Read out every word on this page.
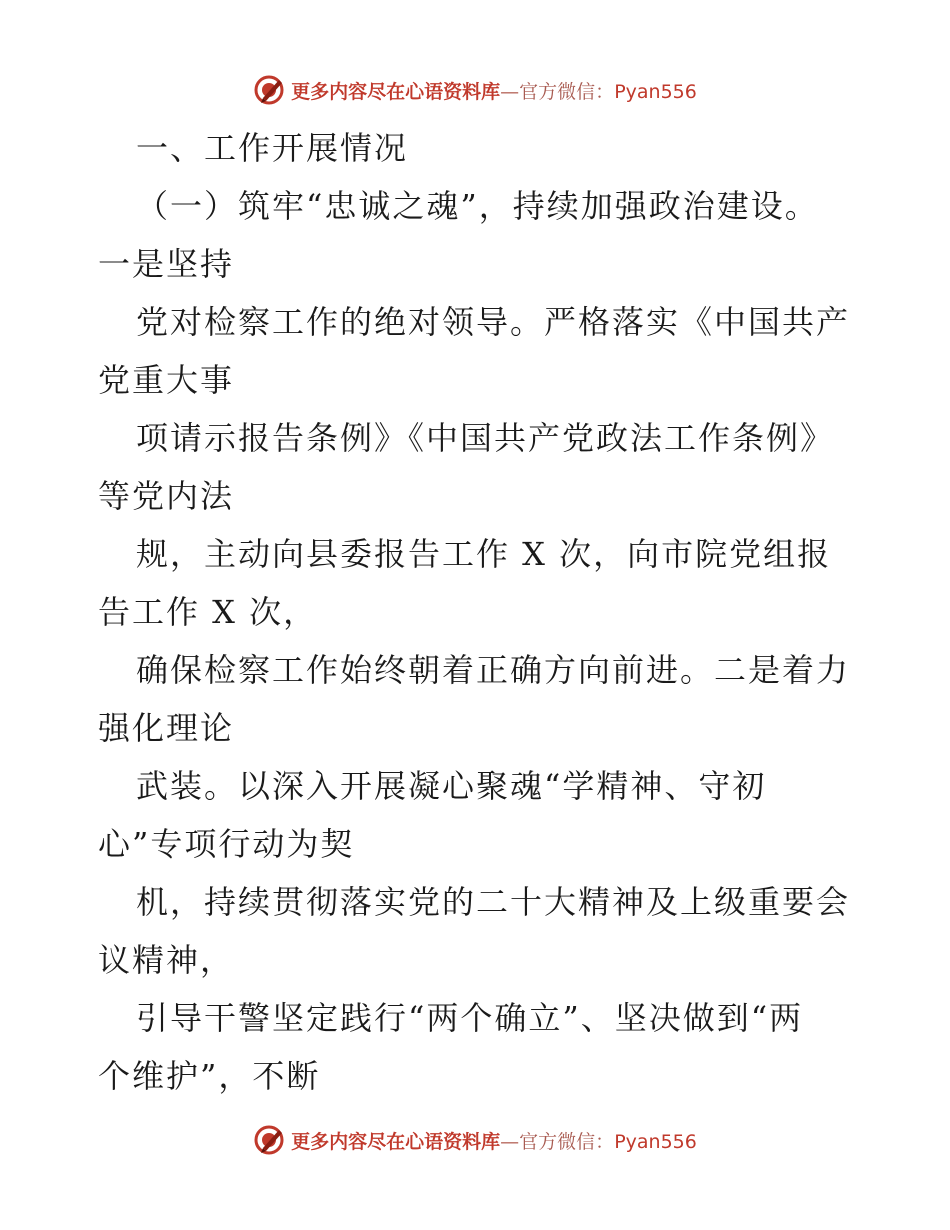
更多内容尽在心语资料库—官方微信：Pyan556
一、工作开展情况
（一）筑牢“忠诚之魂”，持续加强政治建设。
一是坚持
党对检察工作的绝对领导。严格落实《中国共产
党重大事
项请示报告条例》《中国共产党政法工作条例》
等党内法
规，主动向县委报告工作 X 次，向市院党组报
告工作 X 次，
确保检察工作始终朝着正确方向前进。二是着力
强化理论
武装。以深入开展凝心聚魂“学精神、守初
心”专项行动为契
机，持续贯彻落实党的二十大精神及上级重要会
议精神，
引导干警坚定践行“两个确立”、坚决做到“两
个维护”，不断
更多内容尽在心语资料库—官方微信：Pyan556
